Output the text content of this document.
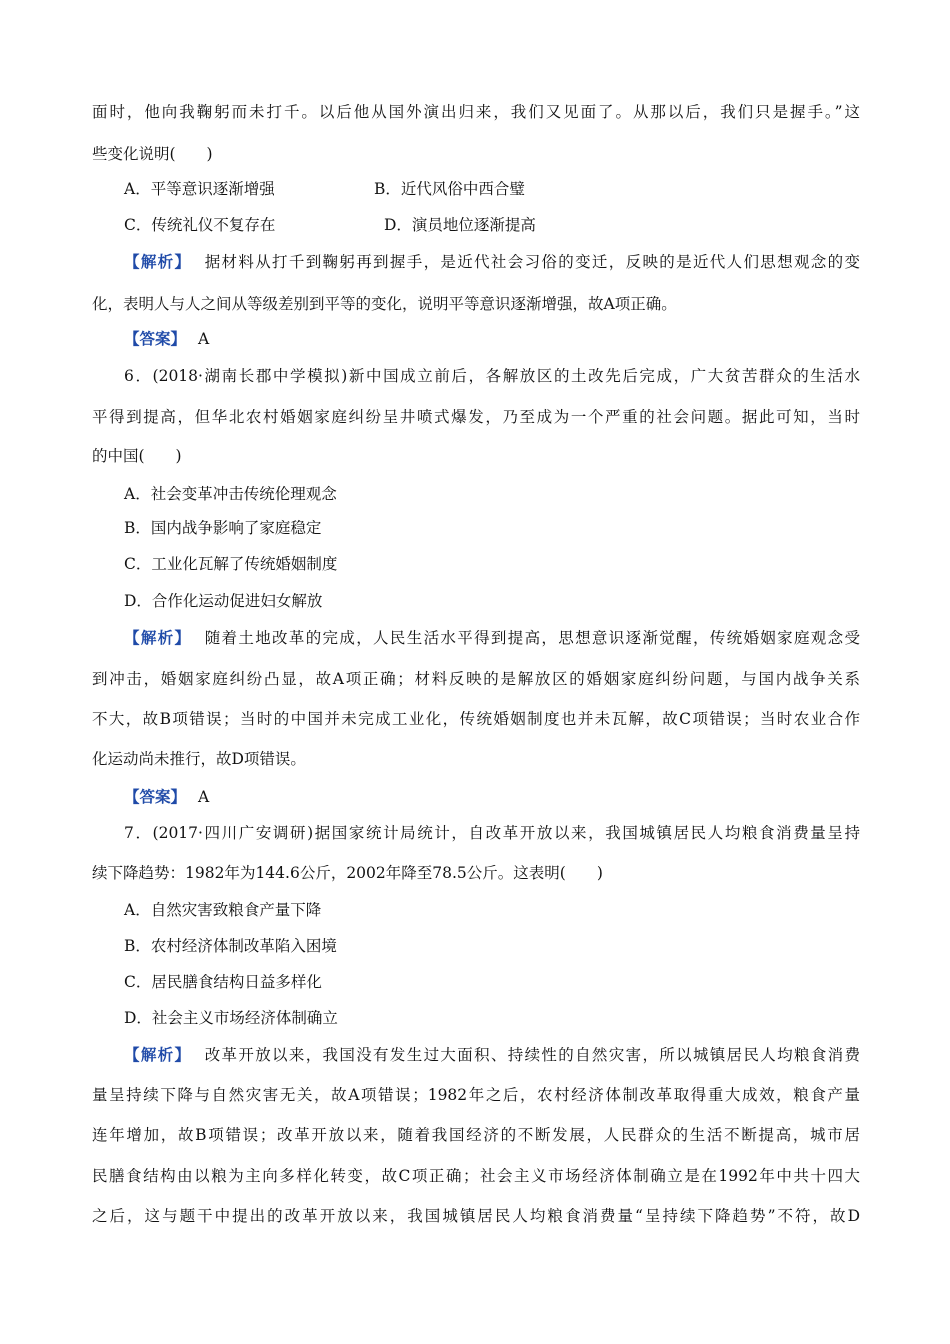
面时，他向我鞠躬而未打千。以后他从国外演出归来，我们又见面了。从那以后，我们只是握手。”这
些变化说明(　　)
A．平等意识逐渐增强	B．近代风俗中西合璧
C．传统礼仪不复存在	D．演员地位逐渐提高
【解析】 据材料从打千到鞠躬再到握手，是近代社会习俗的变迁，反映的是近代人们思想观念的变
化，表明人与人之间从等级差别到平等的变化，说明平等意识逐渐增强，故A项正确。
【答案】 A
6．(2018·湖南长郡中学模拟)新中国成立前后，各解放区的土改先后完成，广大贫苦群众的生活水
平得到提高，但华北农村婚姻家庭纠纷呈井喷式爆发，乃至成为一个严重的社会问题。据此可知，当时
的中国(　　)
A．社会变革冲击传统伦理观念
B．国内战争影响了家庭稳定
C．工业化瓦解了传统婚姻制度
D．合作化运动促进妇女解放
【解析】 随着土地改革的完成，人民生活水平得到提高，思想意识逐渐觉醒，传统婚姻家庭观念受
到冲击，婚姻家庭纠纷凸显，故A项正确；材料反映的是解放区的婚姻家庭纠纷问题，与国内战争关系
不大，故B项错误；当时的中国并未完成工业化，传统婚姻制度也并未瓦解，故C项错误；当时农业合作
化运动尚未推行，故D项错误。
【答案】 A
7．(2017·四川广安调研)据国家统计局统计，自改革开放以来，我国城镇居民人均粮食消费量呈持
续下降趋势：1982年为144.6公斤，2002年降至78.5公斤。这表明(　　)
A．自然灾害致粮食产量下降
B．农村经济体制改革陷入困境
C．居民膳食结构日益多样化
D．社会主义市场经济体制确立
【解析】 改革开放以来，我国没有发生过大面积、持续性的自然灾害，所以城镇居民人均粮食消费
量呈持续下降与自然灾害无关，故A项错误；1982年之后，农村经济体制改革取得重大成效，粮食产量
连年增加，故B项错误；改革开放以来，随着我国经济的不断发展，人民群众的生活不断提高，城市居
民膳食结构由以粮为主向多样化转变，故C项正确；社会主义市场经济体制确立是在1992年中共十四大
之后，这与题干中提出的改革开放以来，我国城镇居民人均粮食消费量“呈持续下降趋势”不符，故D
